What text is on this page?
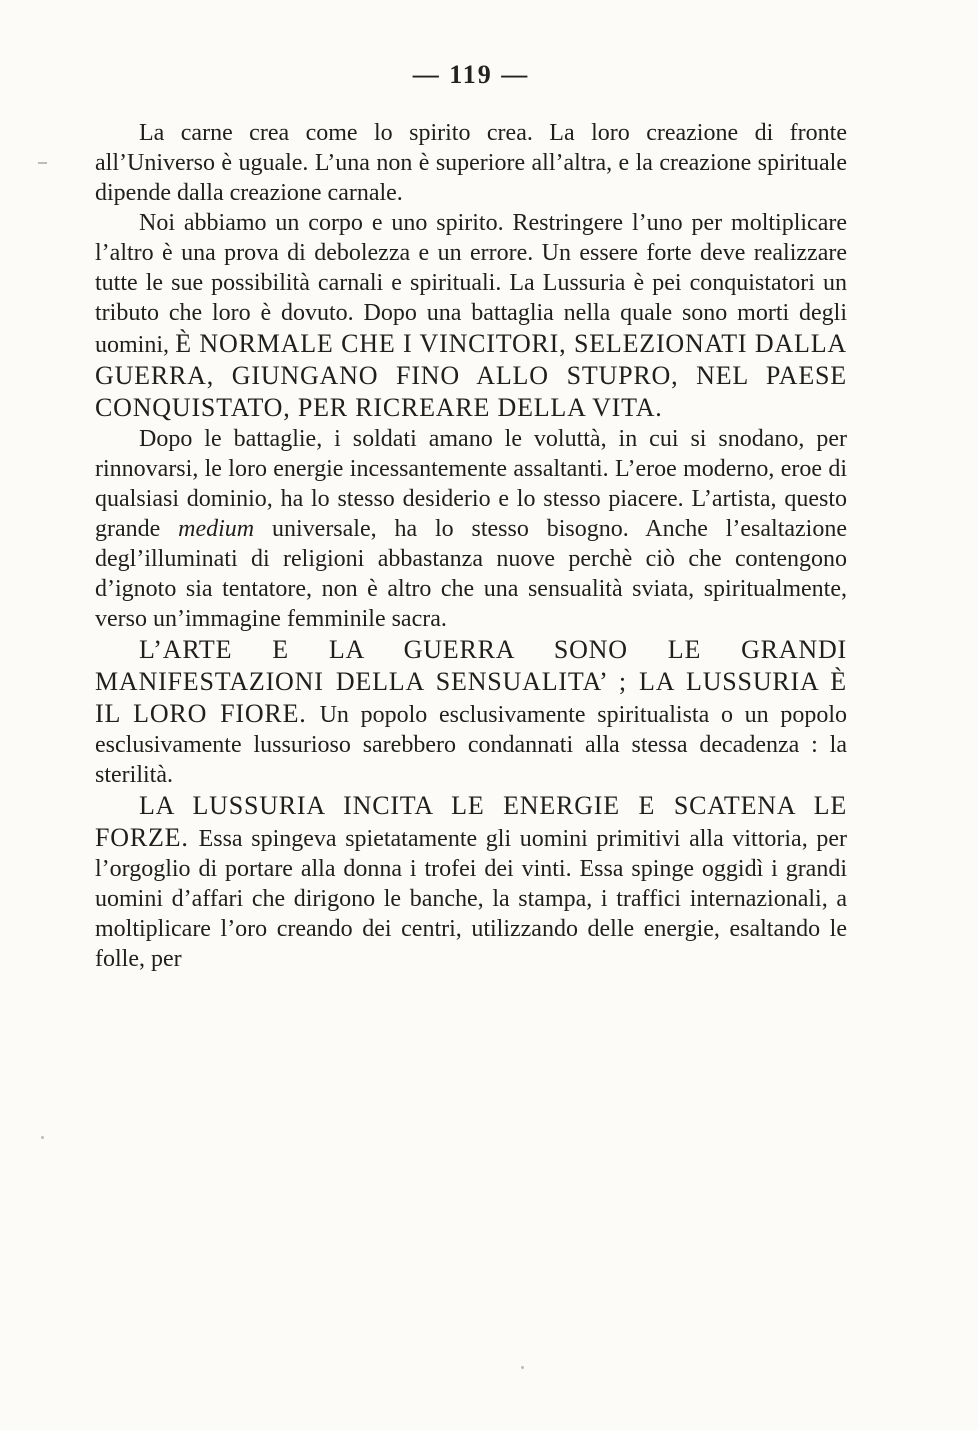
— 119 —

La carne crea come lo spirito crea. La loro creazione di fronte all’Universo è uguale. L’una non è superiore all’altra, e la creazione spirituale dipende dalla creazione carnale.

Noi abbiamo un corpo e uno spirito. Restringere l’uno per moltiplicare l’altro è una prova di debolezza e un errore. Un essere forte deve realizzare tutte le sue possibilità carnali e spirituali. La Lussuria è pei conquistatori un tributo che loro è dovuto. Dopo una battaglia nella quale sono morti degli uomini, È NORMALE CHE I VINCITORI, SELEZIONATI DALLA GUERRA, GIUNGANO FINO ALLO STUPRO, NEL PAESE CONQUISTATO, PER RICREARE DELLA VITA.

Dopo le battaglie, i soldati amano le voluttà, in cui si snodano, per rinnovarsi, le loro energie incessantemente assaltanti. L’eroe moderno, eroe di qualsiasi dominio, ha lo stesso desiderio e lo stesso piacere. L’artista, questo grande medium universale, ha lo stesso bisogno. Anche l’esaltazione degl’illuminati di religioni abbastanza nuove perchè ciò che contengono d’ignoto sia tentatore, non è altro che una sensualità sviata, spiritualmente, verso un’immagine femminile sacra.

L’ARTE E LA GUERRA SONO LE GRANDI MANIFESTAZIONI DELLA SENSUALITA’ ; LA LUSSURIA È IL LORO FIORE. Un popolo esclusivamente spiritualista o un popolo esclusivamente lussurioso sarebbero condannati alla stessa decadenza : la sterilità.

LA LUSSURIA INCITA LE ENERGIE E SCATENA LE FORZE. Essa spingeva spietatamente gli uomini primitivi alla vittoria, per l’orgoglio di portare alla donna i trofei dei vinti. Essa spinge oggidì i grandi uomini d’affari che dirigono le banche, la stampa, i traffici internazionali, a moltiplicare l’oro creando dei centri, utilizzando delle energie, esaltando le folle, per
